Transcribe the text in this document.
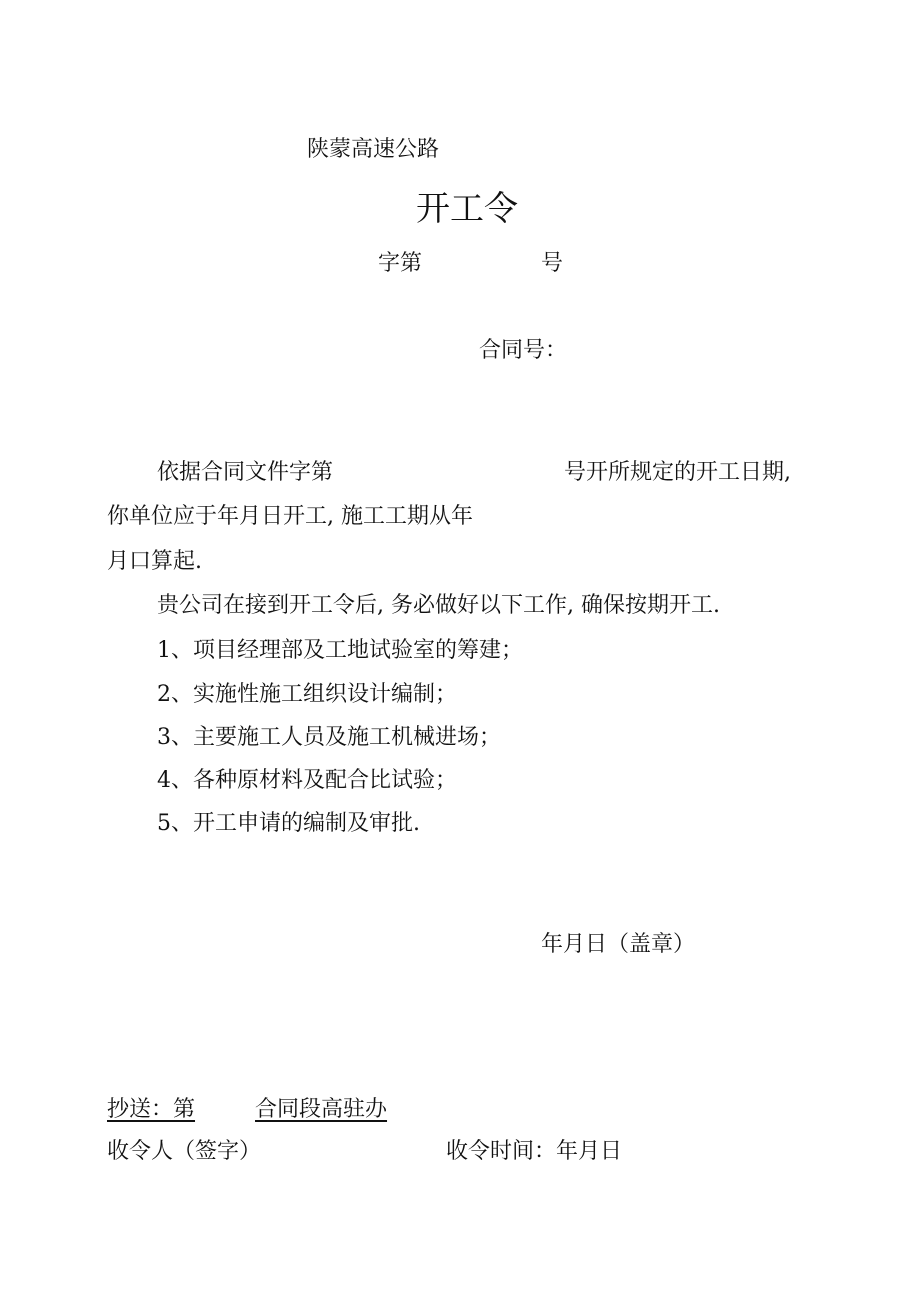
陕蒙高速公路
开工令
字第	号
合同号：
依据合同文件字第	号开所规定的开工日期,
你单位应于年月日开工, 施工工期从年
月口算起.
贵公司在接到开工令后, 务必做好以下工作, 确保按期开工.
1、项目经理部及工地试验室的筹建；
2、实施性施工组织设计编制；
3、主要施工人员及施工机械进场；
4、各种原材料及配合比试验；
5、开工申请的编制及审批.
年月日（盖章）
抄送：第	合同段高驻办
收令人（签字）	收令时间：年月日
